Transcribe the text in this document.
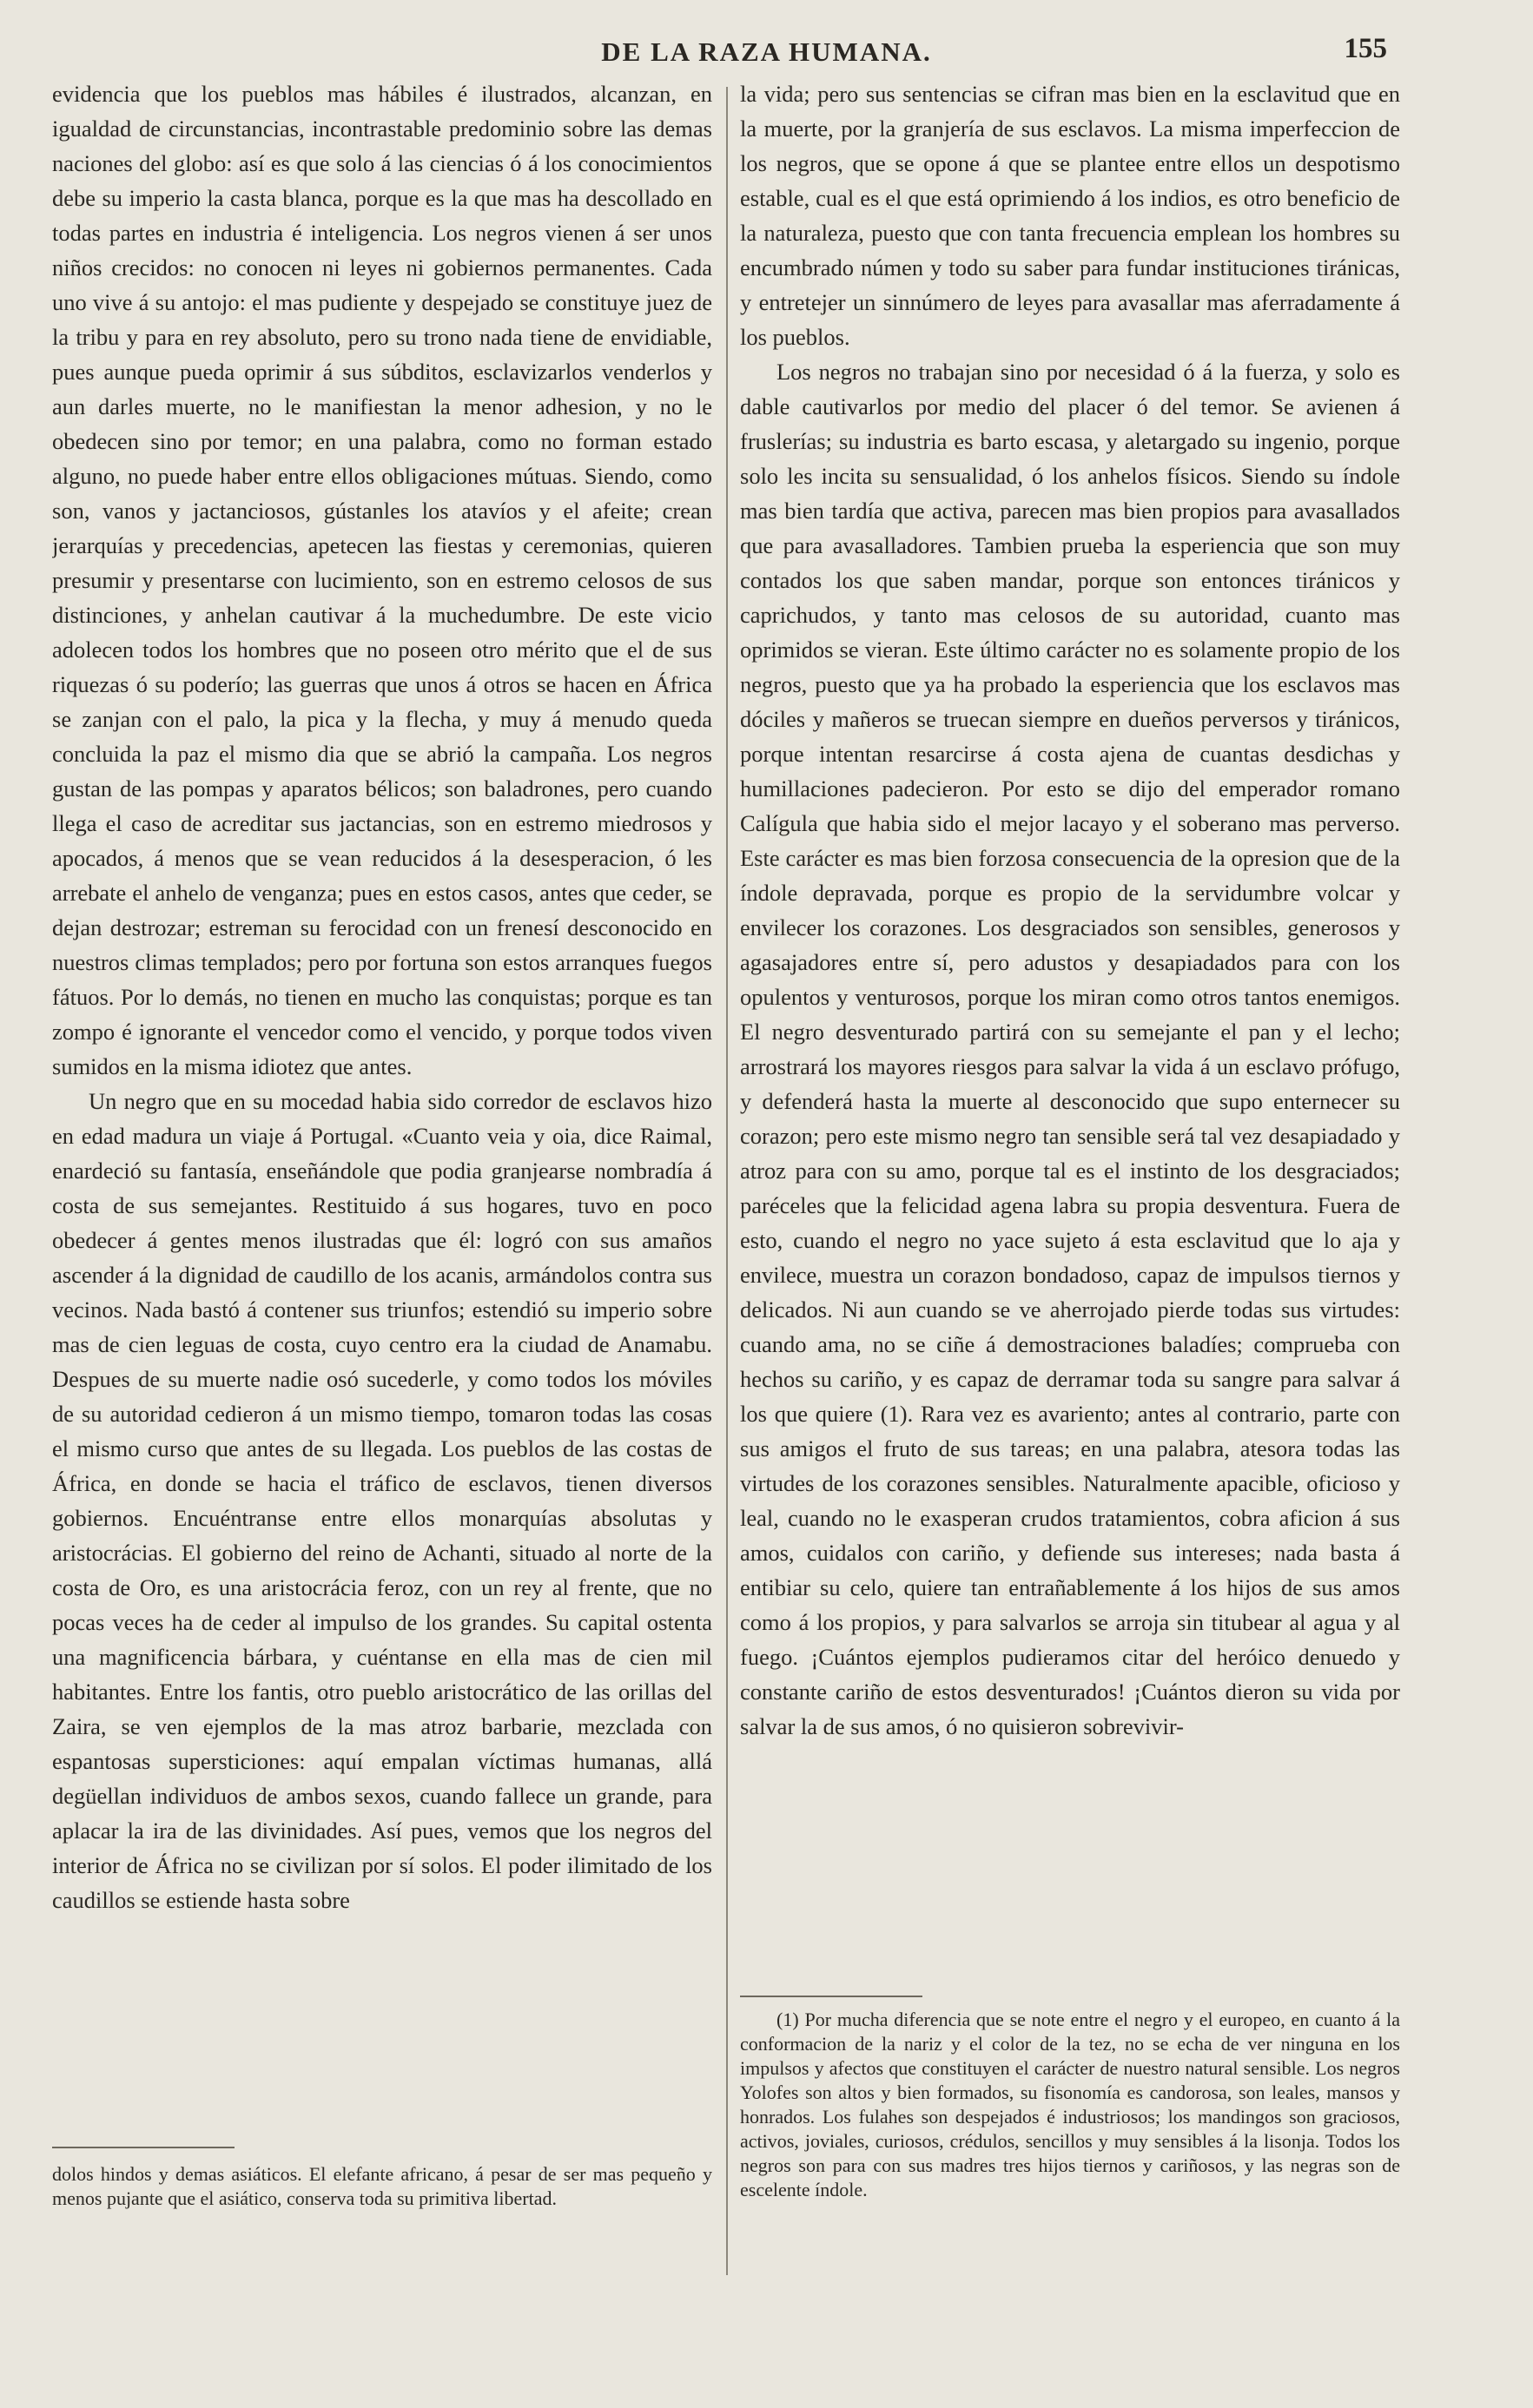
DE LA RAZA HUMANA.	155

evidencia que los pueblos mas hábiles é ilustrados, alcanzan, en igualdad de circunstancias, incontrastable predominio sobre las demas naciones del globo: así es que solo á las ciencias ó á los conocimientos debe su imperio la casta blanca, porque es la que mas ha descollado en todas partes en industria é inteligencia. Los negros vienen á ser unos niños crecidos: no conocen ni leyes ni gobiernos permanentes. Cada uno vive á su antojo: el mas pudiente y despejado se constituye juez de la tribu y para en rey absoluto, pero su trono nada tiene de envidiable, pues aunque pueda oprimir á sus súbditos, esclavizarlos venderlos y aun darles muerte, no le manifiestan la menor adhesion, y no le obedecen sino por temor; en una palabra, como no forman estado alguno, no puede haber entre ellos obligaciones mútuas. Siendo, como son, vanos y jactanciosos, gústanles los atavíos y el afeite; crean jerarquías y precedencias, apetecen las fiestas y ceremonias, quieren presumir y presentarse con lucimiento, son en estremo celosos de sus distinciones, y anhelan cautivar á la muchedumbre. De este vicio adolecen todos los hombres que no poseen otro mérito que el de sus riquezas ó su poderío; las guerras que unos á otros se hacen en África se zanjan con el palo, la pica y la flecha, y muy á menudo queda concluida la paz el mismo dia que se abrió la campaña. Los negros gustan de las pompas y aparatos bélicos; son baladrones, pero cuando llega el caso de acreditar sus jactancias, son en estremo miedrosos y apocados, á menos que se vean reducidos á la desesperacion, ó les arrebate el anhelo de venganza; pues en estos casos, antes que ceder, se dejan destrozar; estreman su ferocidad con un frenesí desconocido en nuestros climas templados; pero por fortuna son estos arranques fuegos fátuos. Por lo demás, no tienen en mucho las conquistas; porque es tan zompo é ignorante el vencedor como el vencido, y porque todos viven sumidos en la misma idiotez que antes.

Un negro que en su mocedad habia sido corredor de esclavos hizo en edad madura un viaje á Portugal. «Cuanto veia y oia, dice Raimal, enardeció su fantasía, enseñándole que podia granjearse nombradía á costa de sus semejantes. Restituido á sus hogares, tuvo en poco obedecer á gentes menos ilustradas que él: logró con sus amaños ascender á la dignidad de caudillo de los acanis, armándolos contra sus vecinos. Nada bastó á contener sus triunfos; estendió su imperio sobre mas de cien leguas de costa, cuyo centro era la ciudad de Anamabu. Despues de su muerte nadie osó sucederle, y como todos los móviles de su autoridad cedieron á un mismo tiempo, tomaron todas las cosas el mismo curso que antes de su llegada. Los pueblos de las costas de África, en donde se hacia el tráfico de esclavos, tienen diversos gobiernos. Encuéntranse entre ellos monarquías absolutas y aristocrácias. El gobierno del reino de Achanti, situado al norte de la costa de Oro, es una aristocrácia feroz, con un rey al frente, que no pocas veces ha de ceder al impulso de los grandes. Su capital ostenta una magnificencia bárbara, y cuéntanse en ella mas de cien mil habitantes. Entre los fantis, otro pueblo aristocrático de las orillas del Zaira, se ven ejemplos de la mas atroz barbarie, mezclada con espantosas supersticiones: aquí empalan víctimas humanas, allá degüellan individuos de ambos sexos, cuando fallece un grande, para aplacar la ira de las divinidades. Así pues, vemos que los negros del interior de África no se civilizan por sí solos. El poder ilimitado de los caudillos se estiende hasta sobre

la vida; pero sus sentencias se cifran mas bien en la esclavitud que en la muerte, por la granjería de sus esclavos. La misma imperfeccion de los negros, que se opone á que se plantee entre ellos un despotismo estable, cual es el que está oprimiendo á los indios, es otro beneficio de la naturaleza, puesto que con tanta frecuencia emplean los hombres su encumbrado númen y todo su saber para fundar instituciones tiránicas, y entretejer un sinnúmero de leyes para avasallar mas aferradamente á los pueblos.

Los negros no trabajan sino por necesidad ó á la fuerza, y solo es dable cautivarlos por medio del placer ó del temor. Se avienen á fruslerías; su industria es barto escasa, y aletargado su ingenio, porque solo les incita su sensualidad, ó los anhelos físicos. Siendo su índole mas bien tardía que activa, parecen mas bien propios para avasallados que para avasalladores. Tambien prueba la esperiencia que son muy contados los que saben mandar, porque son entonces tiránicos y caprichudos, y tanto mas celosos de su autoridad, cuanto mas oprimidos se vieran. Este último carácter no es solamente propio de los negros, puesto que ya ha probado la esperiencia que los esclavos mas dóciles y mañeros se truecan siempre en dueños perversos y tiránicos, porque intentan resarcirse á costa ajena de cuantas desdichas y humillaciones padecieron. Por esto se dijo del emperador romano Calígula que habia sido el mejor lacayo y el soberano mas perverso. Este carácter es mas bien forzosa consecuencia de la opresion que de la índole depravada, porque es propio de la servidumbre volcar y envilecer los corazones. Los desgraciados son sensibles, generosos y agasajadores entre sí, pero adustos y desapiadados para con los opulentos y venturosos, porque los miran como otros tantos enemigos. El negro desventurado partirá con su semejante el pan y el lecho; arrostrará los mayores riesgos para salvar la vida á un esclavo prófugo, y defenderá hasta la muerte al desconocido que supo enternecer su corazon; pero este mismo negro tan sensible será tal vez desapiadado y atroz para con su amo, porque tal es el instinto de los desgraciados; paréceles que la felicidad agena labra su propia desventura. Fuera de esto, cuando el negro no yace sujeto á esta esclavitud que lo aja y envilece, muestra un corazon bondadoso, capaz de impulsos tiernos y delicados. Ni aun cuando se ve aherrojado pierde todas sus virtudes: cuando ama, no se ciñe á demostraciones baladíes; comprueba con hechos su cariño, y es capaz de derramar toda su sangre para salvar á los que quiere (1). Rara vez es avariento; antes al contrario, parte con sus amigos el fruto de sus tareas; en una palabra, atesora todas las virtudes de los corazones sensibles. Naturalmente apacible, oficioso y leal, cuando no le exasperan crudos tratamientos, cobra aficion á sus amos, cuidalos con cariño, y defiende sus intereses; nada basta á entibiar su celo, quiere tan entrañablemente á los hijos de sus amos como á los propios, y para salvarlos se arroja sin titubear al agua y al fuego. ¡Cuántos ejemplos pudieramos citar del heróico denuedo y constante cariño de estos desventurados! ¡Cuántos dieron su vida por salvar la de sus amos, ó no quisieron sobrevivir-

dolos hindos y demas asiáticos. El elefante africano, á pesar de ser mas pequeño y menos pujante que el asiático, conserva toda su primitiva libertad.

(1) Por mucha diferencia que se note entre el negro y el europeo, en cuanto á la conformacion de la nariz y el color de la tez, no se echa de ver ninguna en los impulsos y afectos que constituyen el carácter de nuestro natural sensible. Los negros Yolofes son altos y bien formados, su fisonomía es candorosa, son leales, mansos y honrados. Los fulahes son despejados é industriosos; los mandingos son graciosos, activos, joviales, curiosos, crédulos, sencillos y muy sensibles á la lisonja. Todos los negros son para con sus madres tres hijos tiernos y cariñosos, y las negras son de escelente índole.
